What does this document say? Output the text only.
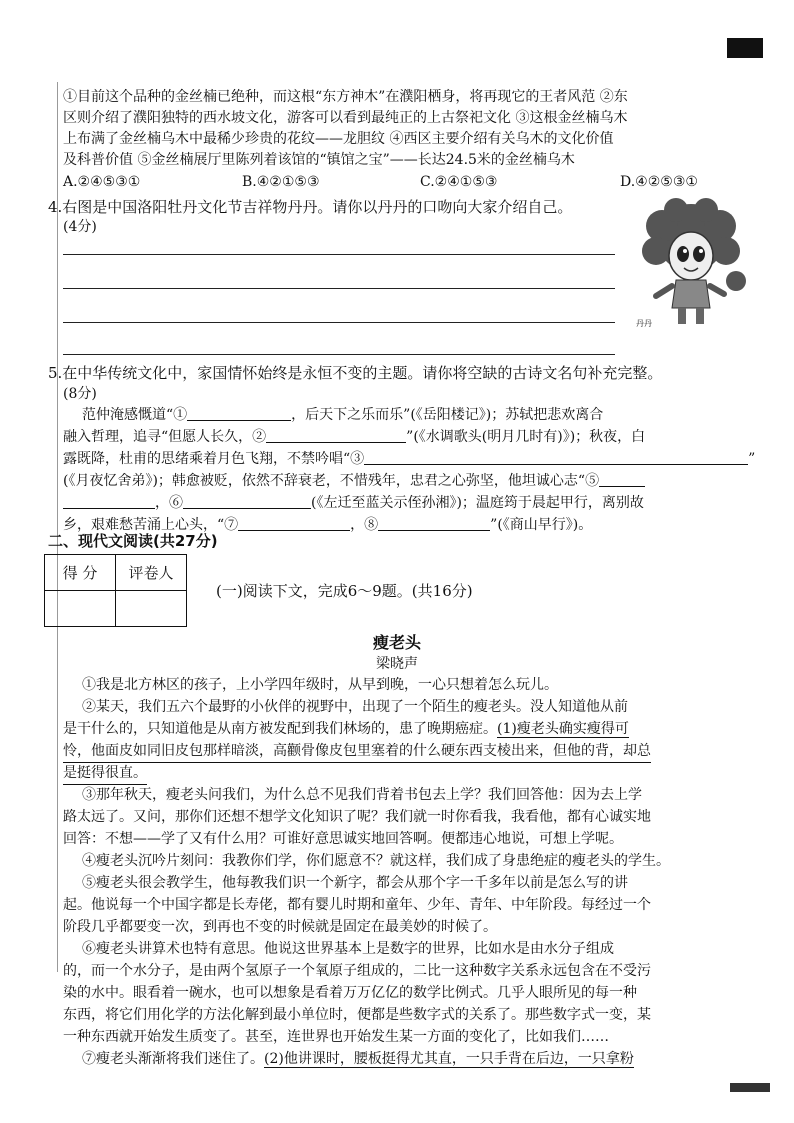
①目前这个品种的金丝楠已绝种，而这根“东方神木”在濮阳栖身，将再现它的王者风范 ②东
区则介绍了濮阳独特的西水坡文化，游客可以看到最纯正的上古祭祀文化 ③这根金丝楠乌木
上布满了金丝楠乌木中最稀少珍贵的花纹——龙胆纹 ④西区主要介绍有关乌木的文化价值
及科普价值 ⑤金丝楠展厅里陈列着该馆的“镇馆之宝”——长达24.5米的金丝楠乌木
A.②④⑤③①	B.④②①⑤③	C.②④①⑤③	D.④②⑤③①
4.右图是中国洛阳牡丹文化节吉祥物丹丹。请你以丹丹的口吻向大家介绍自己。
(4分)
丹丹
5.在中华传统文化中，家国情怀始终是永恒不变的主题。请你将空缺的古诗文名句补充完整。
(8分)
范仲淹感慨道“①	，后天下之乐而乐”(《岳阳楼记》)；苏轼把悲欢离合
融入哲理，追寻“但愿人长久，②	”(《水调歌头(明月几时有)》)；秋夜，白
露既降，杜甫的思绪乘着月色飞翔，不禁吟唱“③	”
(《月夜忆舍弟》)；韩愈被贬，依然不辞衰老，不惜残年，忠君之心弥坚，他坦诚心志“⑤
，⑥	(《左迁至蓝关示侄孙湘》)；温庭筠于晨起甲行，离别故
乡，艰难愁苦涌上心头，“⑦	，⑧	”(《商山早行》)。
二、现代文阅读(共27分)
得 分	评卷人

(一)阅读下文，完成6～9题。(共16分)
瘦老头
梁晓声
①我是北方林区的孩子，上小学四年级时，从早到晚，一心只想着怎么玩儿。
②某天，我们五六个最野的小伙伴的视野中，出现了一个陌生的瘦老头。没人知道他从前
是干什么的，只知道他是从南方被发配到我们林场的，患了晚期癌症。(1)瘦老头确实瘦得可
怜，他面皮如同旧皮包那样暗淡，高颧骨像皮包里塞着的什么硬东西支棱出来，但他的背，却总
是挺得很直。
③那年秋天，瘦老头问我们，为什么总不见我们背着书包去上学？我们回答他：因为去上学
路太远了。又问，那你们还想不想学文化知识了呢？我们就一时你看我，我看他，都有心诚实地
回答：不想——学了又有什么用？可谁好意思诚实地回答啊。便都违心地说，可想上学呢。
④瘦老头沉吟片刻问：我教你们学，你们愿意不？就这样，我们成了身患绝症的瘦老头的学生。
⑤瘦老头很会教学生，他每教我们识一个新字，都会从那个字一千多年以前是怎么写的讲
起。他说每一个中国字都是长寿佬，都有婴儿时期和童年、少年、青年、中年阶段。每经过一个
阶段几乎都要变一次，到再也不变的时候就是固定在最美妙的时候了。
⑥瘦老头讲算术也特有意思。他说这世界基本上是数字的世界，比如水是由水分子组成
的，而一个水分子，是由两个氢原子一个氧原子组成的，二比一这种数字关系永远包含在不受污
染的水中。眼看着一碗水，也可以想象是看着万万亿亿的数学比例式。几乎人眼所见的每一种
东西，将它们用化学的方法化解到最小单位时，便都是些数字式的关系了。那些数字式一变，某
一种东西就开始发生质变了。甚至，连世界也开始发生某一方面的变化了，比如我们……
⑦瘦老头渐渐将我们迷住了。(2)他讲课时，腰板挺得尤其直，一只手背在后边，一只拿粉
